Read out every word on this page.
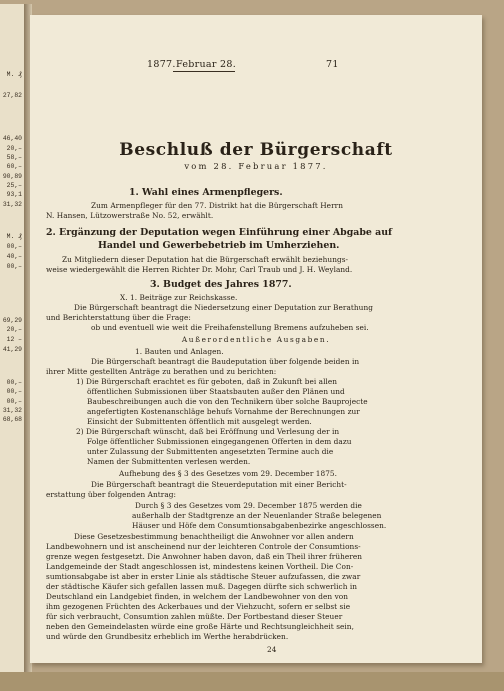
M. ₰
27,82
46,40
20,–
58,–
60,–
90,89
25,–
93,1
31,32
M. ₰
00,–
40,–
00,–
69,29
20,–
12 –
41,29
00,–
00,–
00,–
31,32
68,68
1877. Februar 28.	71
Beschluß der Bürgerschaft
vom 28. Februar 1877.
1. Wahl eines Armenpflegers.
Zum Armenpfleger für den 77. Distrikt hat die Bürgerschaft Herrn
N. Hansen, Lützowerstraße No. 52, erwählt.
2. Ergänzung der Deputation wegen Einführung einer Abgabe auf
Handel und Gewerbebetrieb im Umherziehen.
Zu Mitgliedern dieser Deputation hat die Bürgerschaft erwählt beziehungs-
weise wiedergewählt die Herren Richter Dr. Mohr, Carl Traub und J. H. Weyland.
3. Budget des Jahres 1877.
X. 1. Beiträge zur Reichskasse.
Die Bürgerschaft beantragt die Niedersetzung einer Deputation zur Berathung
und Berichterstattung über die Frage:
ob und eventuell wie weit die Freihafenstellung Bremens aufzuheben sei.
Außerordentliche Ausgaben.
1. Bauten und Anlagen.
Die Bürgerschaft beantragt die Baudeputation über folgende beiden in
ihrer Mitte gestellten Anträge zu berathen und zu berichten:
1) Die Bürgerschaft erachtet es für geboten, daß in Zukunft bei allen
öffentlichen Submissionen über Staatsbauten außer den Plänen und
Baubeschreibungen auch die von den Technikern über solche Bauprojecte
angefertigten Kostenanschläge behufs Vornahme der Berechnungen zur
Einsicht der Submittenten öffentlich mit ausgelegt werden.
2) Die Bürgerschaft wünscht, daß bei Eröffnung und Verlesung der in
Folge öffentlicher Submissionen eingegangenen Offerten in dem dazu
unter Zulassung der Submittenten angesetzten Termine auch die
Namen der Submittenten verlesen werden.
Aufhebung des § 3 des Gesetzes vom 29. December 1875.
Die Bürgerschaft beantragt die Steuerdeputation mit einer Bericht-
erstattung über folgenden Antrag:
Durch § 3 des Gesetzes vom 29. December 1875 werden die
außerhalb der Stadtgrenze an der Neuenlander Straße belegenen
Häuser und Höfe dem Consumtionsabgabenbezirke angeschlossen.
Diese Gesetzesbestimmung benachtheiligt die Anwohner vor allen andern
Landbewohnern und ist anscheinend nur der leichteren Controle der Consumtions-
grenze wegen festgesetzt. Die Anwohner haben davon, daß ein Theil ihrer früheren
Landgemeinde der Stadt angeschlossen ist, mindestens keinen Vortheil. Die Con-
sumtionsabgabe ist aber in erster Linie als städtische Steuer aufzufassen, die zwar
der städtische Käufer sich gefallen lassen muß. Dagegen dürfte sich schwerlich in
Deutschland ein Landgebiet finden, in welchem der Landbewohner von den von
ihm gezogenen Früchten des Ackerbaues und der Viehzucht, sofern er selbst sie
für sich verbraucht, Consumtion zahlen müßte. Der Fortbestand dieser Steuer
neben den Gemeindelasten würde eine große Härte und Rechtsungleichheit sein,
und würde den Grundbesitz erheblich im Werthe herabdrücken.
24
